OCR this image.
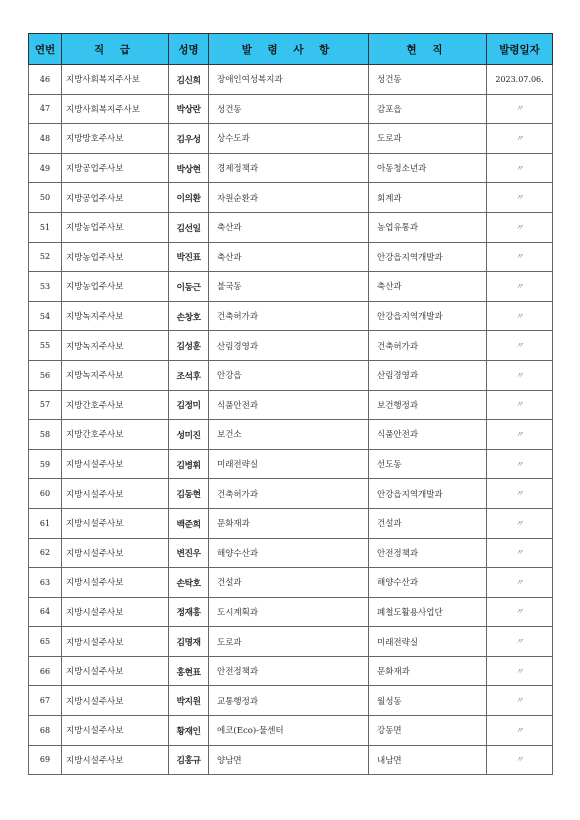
연번	직 급	성명	발 령 사 항	현 직	발령일자
46	지방사회복지주사보	김신희	장애인여성복지과	성건동	2023.07.06.
47	지방사회복지주사보	박상란	성건동	감포읍	〃
48	지방방호주사보	김우성	상수도과	도로과	〃
49	지방공업주사보	박상현	경제정책과	아동청소년과	〃
50	지방공업주사보	이의환	자원순환과	회계과	〃
51	지방농업주사보	김선일	축산과	농업유통과	〃
52	지방농업주사보	박진표	축산과	안강읍지역개발과	〃
53	지방농업주사보	이동근	불국동	축산과	〃
54	지방녹지주사보	손창호	건축허가과	안강읍지역개발과	〃
55	지방녹지주사보	김성훈	산림경영과	건축허가과	〃
56	지방녹지주사보	조석후	안강읍	산림경영과	〃
57	지방간호주사보	김정미	식품안전과	보건행정과	〃
58	지방간호주사보	성미진	보건소	식품안전과	〃
59	지방시설주사보	김병휘	미래전략실	선도동	〃
60	지방시설주사보	김동현	건축허가과	안강읍지역개발과	〃
61	지방시설주사보	백준희	문화재과	건설과	〃
62	지방시설주사보	변진우	해양수산과	안전정책과	〃
63	지방시설주사보	손탁호	건설과	해양수산과	〃
64	지방시설주사보	정재홍	도시계획과	폐철도활용사업단	〃
65	지방시설주사보	김명재	도로과	미래전략실	〃
66	지방시설주사보	홍현표	안전정책과	문화재과	〃
67	지방시설주사보	박지원	교통행정과	월성동	〃
68	지방시설주사보	황재인	에코(Eco)-물센터	강동면	〃
69	지방시설주사보	김홍규	양남면	내남면	〃
